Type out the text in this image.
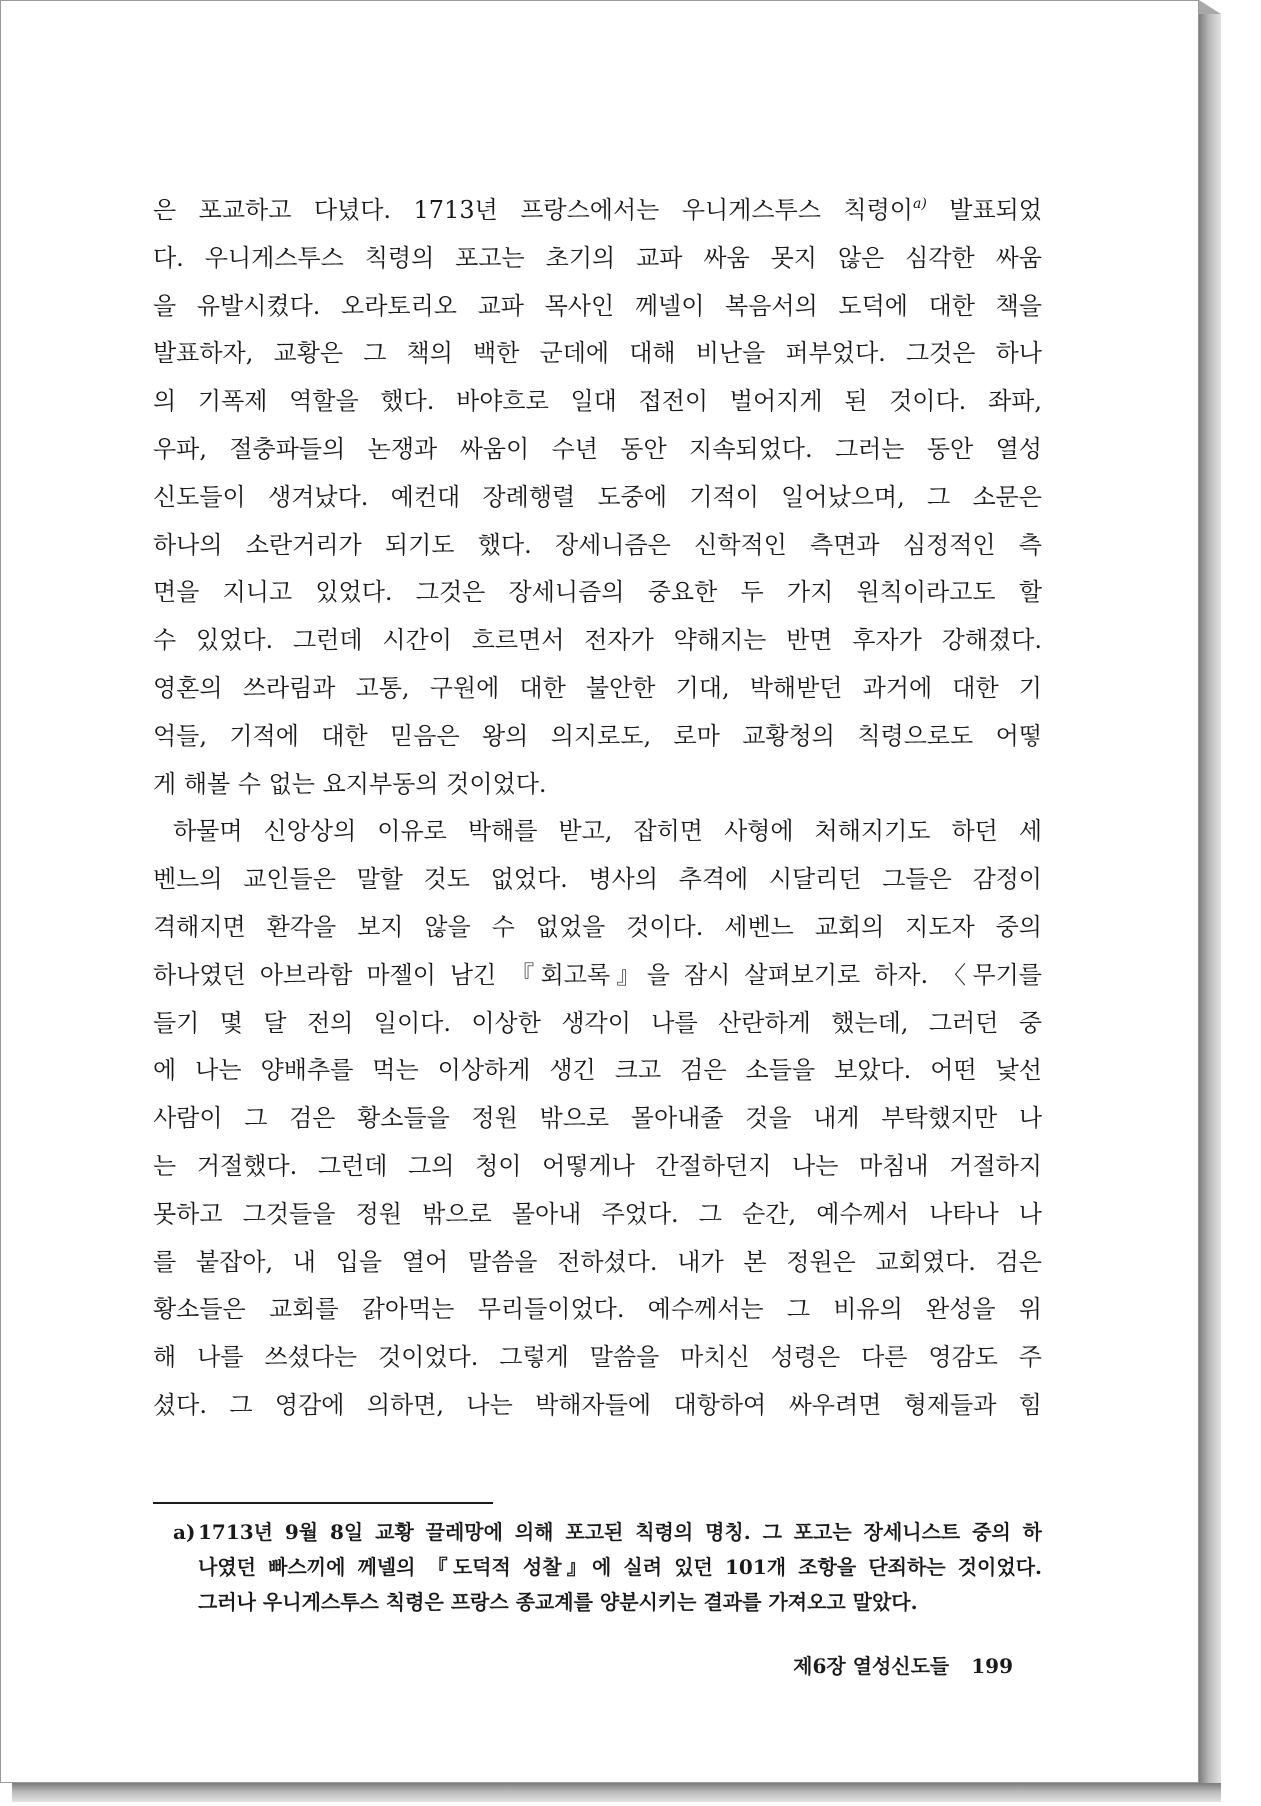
은 포교하고 다녔다. 1713년 프랑스에서는 우니게스투스 칙령이$^{a)}$ 발표되었
다. 우니게스투스 칙령의 포고는 초기의 교파 싸움 못지 않은 심각한 싸움
을 유발시켰다. 오라토리오 교파 목사인 께넬이 복음서의 도덕에 대한 책을
발표하자, 교황은 그 책의 백한 군데에 대해 비난을 퍼부었다. 그것은 하나
의 기폭제 역할을 했다. 바야흐로 일대 접전이 벌어지게 된 것이다. 좌파,
우파, 절충파들의 논쟁과 싸움이 수년 동안 지속되었다. 그러는 동안 열성
신도들이 생겨났다. 예컨대 장례행렬 도중에 기적이 일어났으며, 그 소문은
하나의 소란거리가 되기도 했다. 장세니즘은 신학적인 측면과 심정적인 측
면을 지니고 있었다. 그것은 장세니즘의 중요한 두 가지 원칙이라고도 할
수 있었다. 그런데 시간이 흐르면서 전자가 약해지는 반면 후자가 강해졌다.
영혼의 쓰라림과 고통, 구원에 대한 불안한 기대, 박해받던 과거에 대한 기
억들, 기적에 대한 믿음은 왕의 의지로도, 로마 교황청의 칙령으로도 어떻
게 해볼 수 없는 요지부동의 것이었다.
하물며 신앙상의 이유로 박해를 받고, 잡히면 사형에 처해지기도 하던 세
벤느의 교인들은 말할 것도 없었다. 병사의 추격에 시달리던 그들은 감정이
격해지면 환각을 보지 않을 수 없었을 것이다. 세벤느 교회의 지도자 중의
하나였던 아브라함 마젤이 남긴 『회고록』을 잠시 살펴보기로 하자. 〈무기를
들기 몇 달 전의 일이다. 이상한 생각이 나를 산란하게 했는데, 그러던 중
에 나는 양배추를 먹는 이상하게 생긴 크고 검은 소들을 보았다. 어떤 낯선
사람이 그 검은 황소들을 정원 밖으로 몰아내줄 것을 내게 부탁했지만 나
는 거절했다. 그런데 그의 청이 어떻게나 간절하던지 나는 마침내 거절하지
못하고 그것들을 정원 밖으로 몰아내 주었다. 그 순간, 예수께서 나타나 나
를 붙잡아, 내 입을 열어 말씀을 전하셨다. 내가 본 정원은 교회였다. 검은
황소들은 교회를 갉아먹는 무리들이었다. 예수께서는 그 비유의 완성을 위
해 나를 쓰셨다는 것이었다. 그렇게 말씀을 마치신 성령은 다른 영감도 주
셨다. 그 영감에 의하면, 나는 박해자들에 대항하여 싸우려면 형제들과 힘
a) 1713년 9월 8일 교황 끌레망에 의해 포고된 칙령의 명칭. 그 포고는 장세니스트 중의 하
나였던 빠스끼에 께넬의 『도덕적 성찰』에 실려 있던 101개 조항을 단죄하는 것이었다.
그러나 우니게스투스 칙령은 프랑스 종교계를 양분시키는 결과를 가져오고 말았다.
제6장 열성신도들 199
